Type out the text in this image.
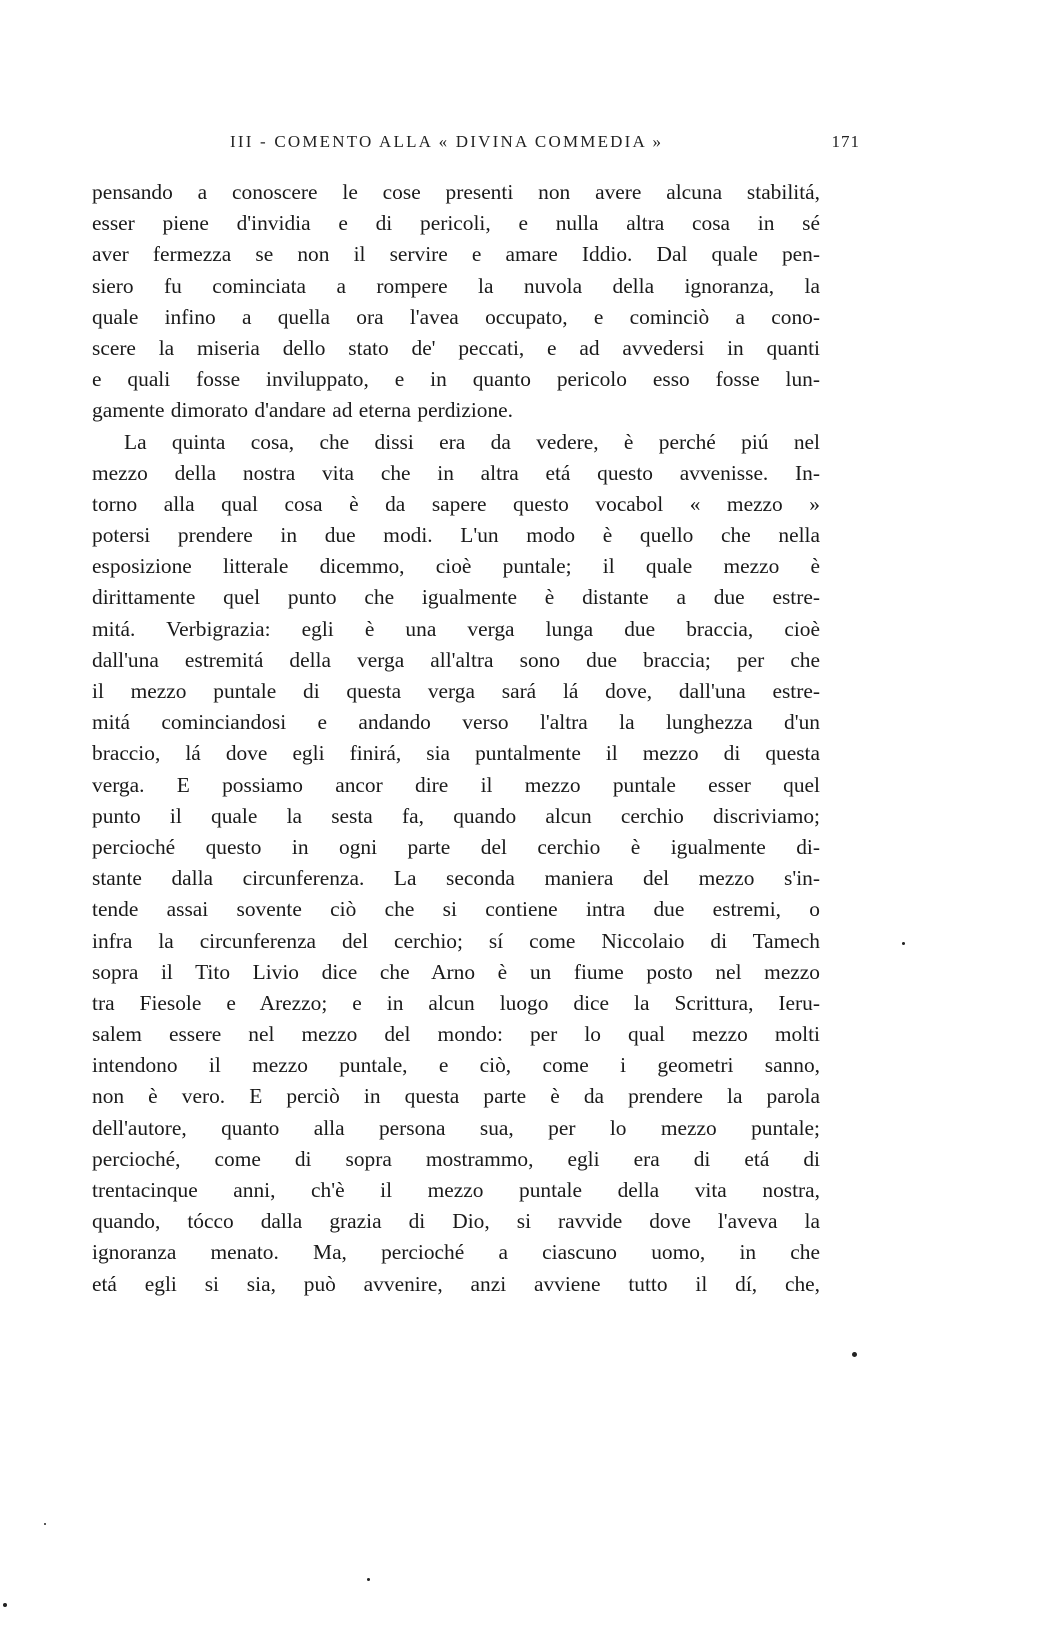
III - COMENTO ALLA « DIVINA COMMEDIA »	171
pensando a conoscere le cose presenti non avere alcuna stabilitá,
esser piene d'invidia e di pericoli, e nulla altra cosa in sé
aver fermezza se non il servire e amare Iddio. Dal quale pen-
siero fu cominciata a rompere la nuvola della ignoranza, la
quale infino a quella ora l'avea occupato, e cominciò a cono-
scere la miseria dello stato de' peccati, e ad avvedersi in quanti
e quali fosse inviluppato, e in quanto pericolo esso fosse lun-
gamente dimorato d'andare ad eterna perdizione.
La quinta cosa, che dissi era da vedere, è perché piú nel
mezzo della nostra vita che in altra etá questo avvenisse. In-
torno alla qual cosa è da sapere questo vocabol « mezzo »
potersi prendere in due modi. L'un modo è quello che nella
esposizione litterale dicemmo, cioè puntale; il quale mezzo è
dirittamente quel punto che igualmente è distante a due estre-
mitá. Verbigrazia: egli è una verga lunga due braccia, cioè
dall'una estremitá della verga all'altra sono due braccia; per che
il mezzo puntale di questa verga sará lá dove, dall'una estre-
mitá cominciandosi e andando verso l'altra la lunghezza d'un
braccio, lá dove egli finirá, sia puntalmente il mezzo di questa
verga. E possiamo ancor dire il mezzo puntale esser quel
punto il quale la sesta fa, quando alcun cerchio discriviamo;
percioché questo in ogni parte del cerchio è igualmente di-
stante dalla circunferenza. La seconda maniera del mezzo s'in-
tende assai sovente ciò che si contiene intra due estremi, o
infra la circunferenza del cerchio; sí come Niccolaio di Tamech
sopra il Tito Livio dice che Arno è un fiume posto nel mezzo
tra Fiesole e Arezzo; e in alcun luogo dice la Scrittura, Ieru-
salem essere nel mezzo del mondo: per lo qual mezzo molti
intendono il mezzo puntale, e ciò, come i geometri sanno,
non è vero. E perciò in questa parte è da prendere la parola
dell'autore, quanto alla persona sua, per lo mezzo puntale;
percioché, come di sopra mostrammo, egli era di etá di
trentacinque anni, ch'è il mezzo puntale della vita nostra,
quando, tócco dalla grazia di Dio, si ravvide dove l'aveva la
ignoranza menato. Ma, percioché a ciascuno uomo, in che
etá egli si sia, può avvenire, anzi avviene tutto il dí, che,
